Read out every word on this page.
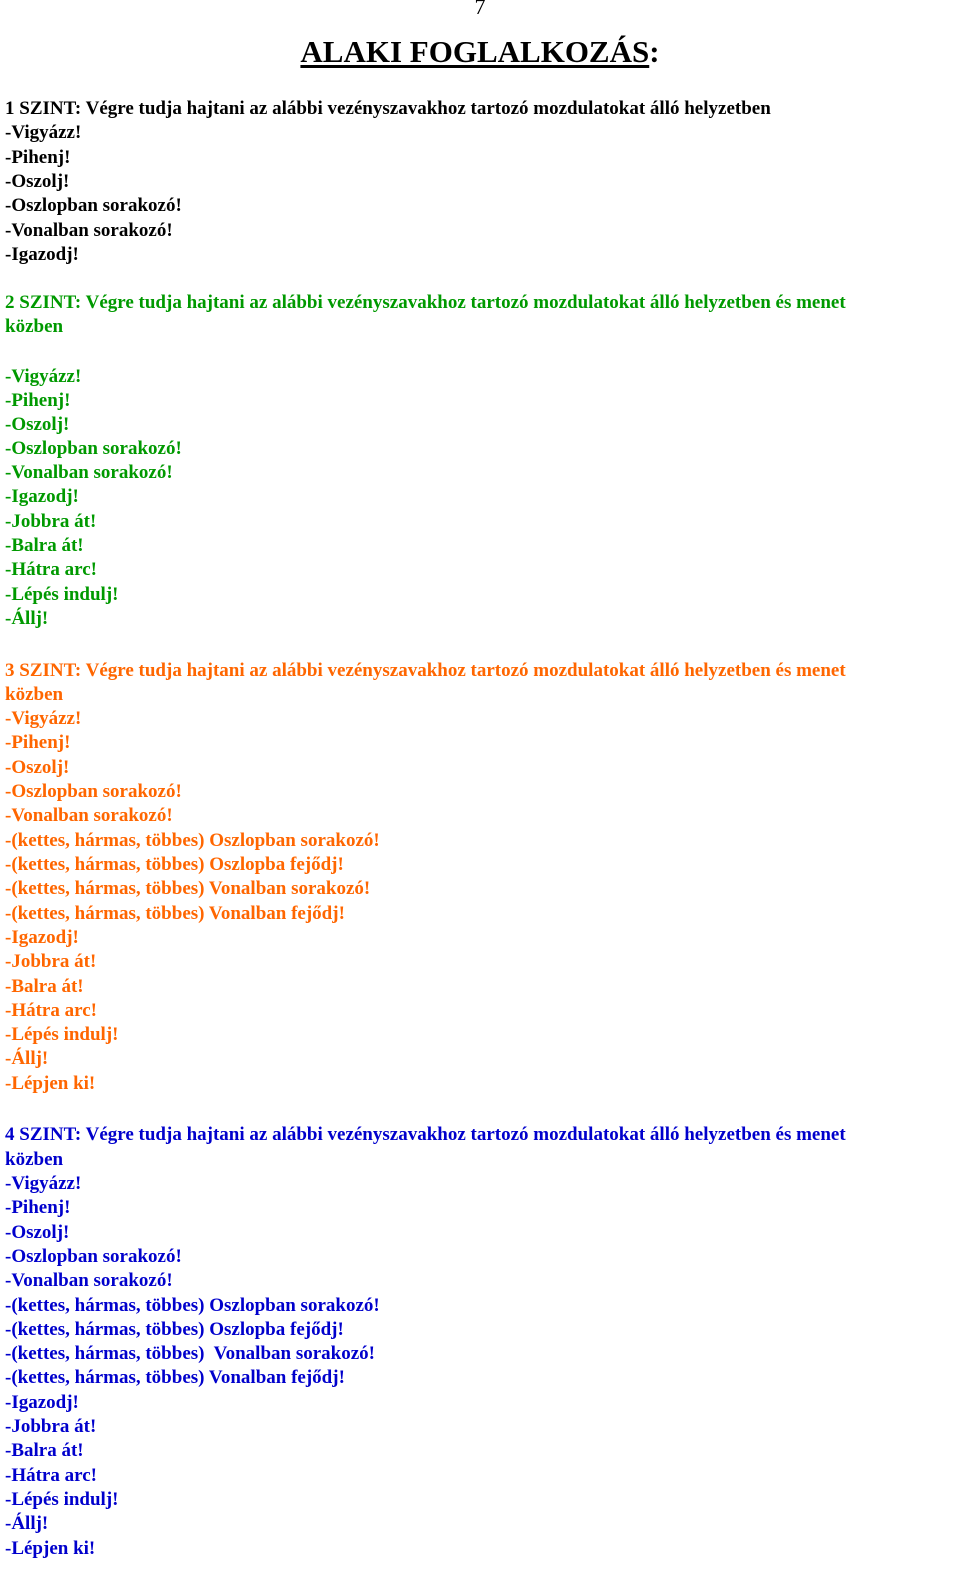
7
ALAKI FOGLALKOZÁS:
1 SZINT: Végre tudja hajtani az alábbi vezényszavakhoz tartozó mozdulatokat álló helyzetben
-Vigyázz!
-Pihenj!
-Oszolj!
-Oszlopban sorakozó!
-Vonalban sorakozó!
-Igazodj!
2 SZINT: Végre tudja hajtani az alábbi vezényszavakhoz tartozó mozdulatokat álló helyzetben és menet
közben
-Vigyázz!
-Pihenj!
-Oszolj!
-Oszlopban sorakozó!
-Vonalban sorakozó!
-Igazodj!
-Jobbra át!
-Balra át!
-Hátra arc!
-Lépés indulj!
-Állj!
3 SZINT: Végre tudja hajtani az alábbi vezényszavakhoz tartozó mozdulatokat álló helyzetben és menet
közben
-Vigyázz!
-Pihenj!
-Oszolj!
-Oszlopban sorakozó!
-Vonalban sorakozó!
-(kettes, hármas, többes) Oszlopban sorakozó!
-(kettes, hármas, többes) Oszlopba fejődj!
-(kettes, hármas, többes) Vonalban sorakozó!
-(kettes, hármas, többes) Vonalban fejődj!
-Igazodj!
-Jobbra át!
-Balra át!
-Hátra arc!
-Lépés indulj!
-Állj!
-Lépjen ki!
4 SZINT: Végre tudja hajtani az alábbi vezényszavakhoz tartozó mozdulatokat álló helyzetben és menet
közben
-Vigyázz!
-Pihenj!
-Oszolj!
-Oszlopban sorakozó!
-Vonalban sorakozó!
-(kettes, hármas, többes) Oszlopban sorakozó!
-(kettes, hármas, többes) Oszlopba fejődj!
-(kettes, hármas, többes)  Vonalban sorakozó!
-(kettes, hármas, többes) Vonalban fejődj!
-Igazodj!
-Jobbra át!
-Balra át!
-Hátra arc!
-Lépés indulj!
-Állj!
-Lépjen ki!
